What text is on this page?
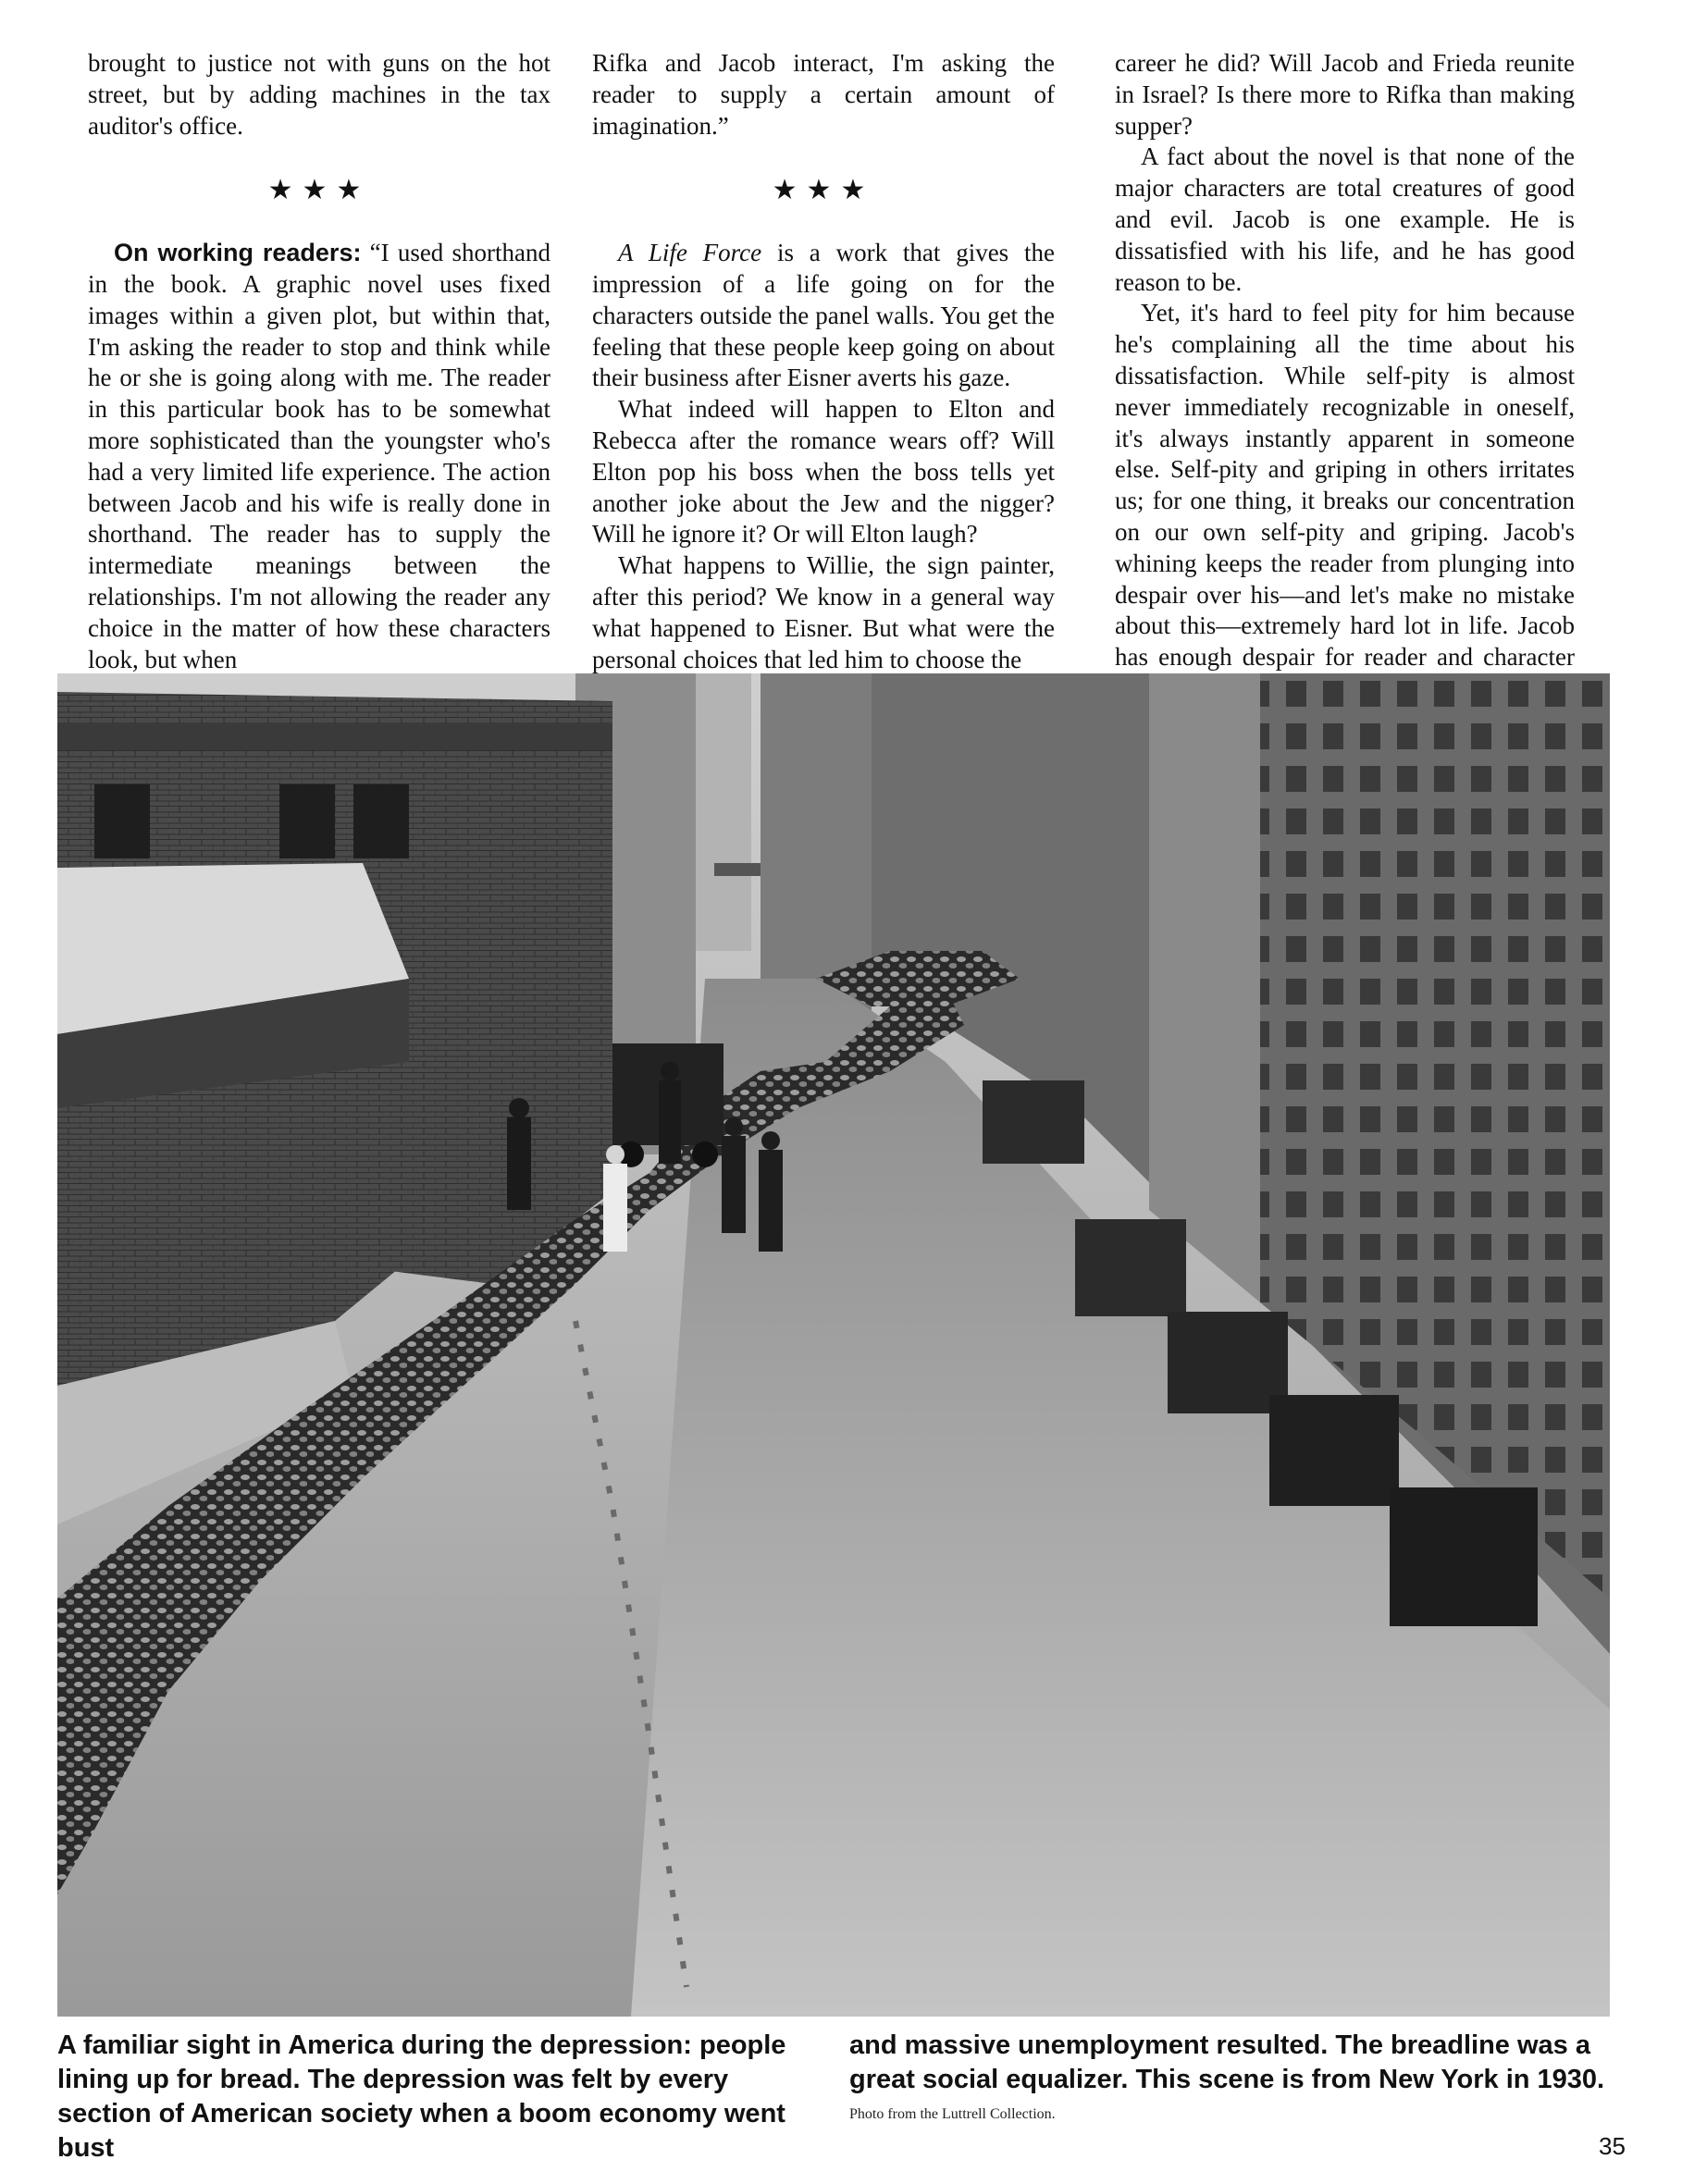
brought to justice not with guns on the hot street, but by adding machines in the tax auditor's office.

★★★

On working readers: “I used shorthand in the book. A graphic novel uses fixed images within a given plot, but within that, I'm asking the reader to stop and think while he or she is going along with me. The reader in this particular book has to be somewhat more sophisticated than the youngster who's had a very limited life experience. The action between Jacob and his wife is really done in shorthand. The reader has to supply the intermediate meanings between the relationships. I'm not allowing the reader any choice in the matter of how these characters look, but when

Rifka and Jacob interact, I'm asking the reader to supply a certain amount of imagination.”

★★★

A Life Force is a work that gives the impression of a life going on for the characters outside the panel walls. You get the feeling that these people keep going on about their business after Eisner averts his gaze.

What indeed will happen to Elton and Rebecca after the romance wears off? Will Elton pop his boss when the boss tells yet another joke about the Jew and the nigger? Will he ignore it? Or will Elton laugh?

What happens to Willie, the sign painter, after this period? We know in a general way what happened to Eisner. But what were the personal choices that led him to choose the

career he did? Will Jacob and Frieda reunite in Israel? Is there more to Rifka than making supper?

A fact about the novel is that none of the major characters are total creatures of good and evil. Jacob is one example. He is dissatisfied with his life, and he has good reason to be.

Yet, it's hard to feel pity for him because he's complaining all the time about his dissatisfaction. While self-pity is almost never immediately recognizable in oneself, it's always instantly apparent in someone else. Self-pity and griping in others irritates us; for one thing, it breaks our concentration on our own self-pity and griping. Jacob's whining keeps the reader from plunging into despair over his—and let's make no mistake about this—extremely hard lot in life. Jacob has enough despair for reader and character

A familiar sight in America during the depression: people lining up for bread. The depression was felt by every section of American society when a boom economy went bust
and massive unemployment resulted. The breadline was a great social equalizer. This scene is from New York in 1930.
Photo from the Luttrell Collection.
35
